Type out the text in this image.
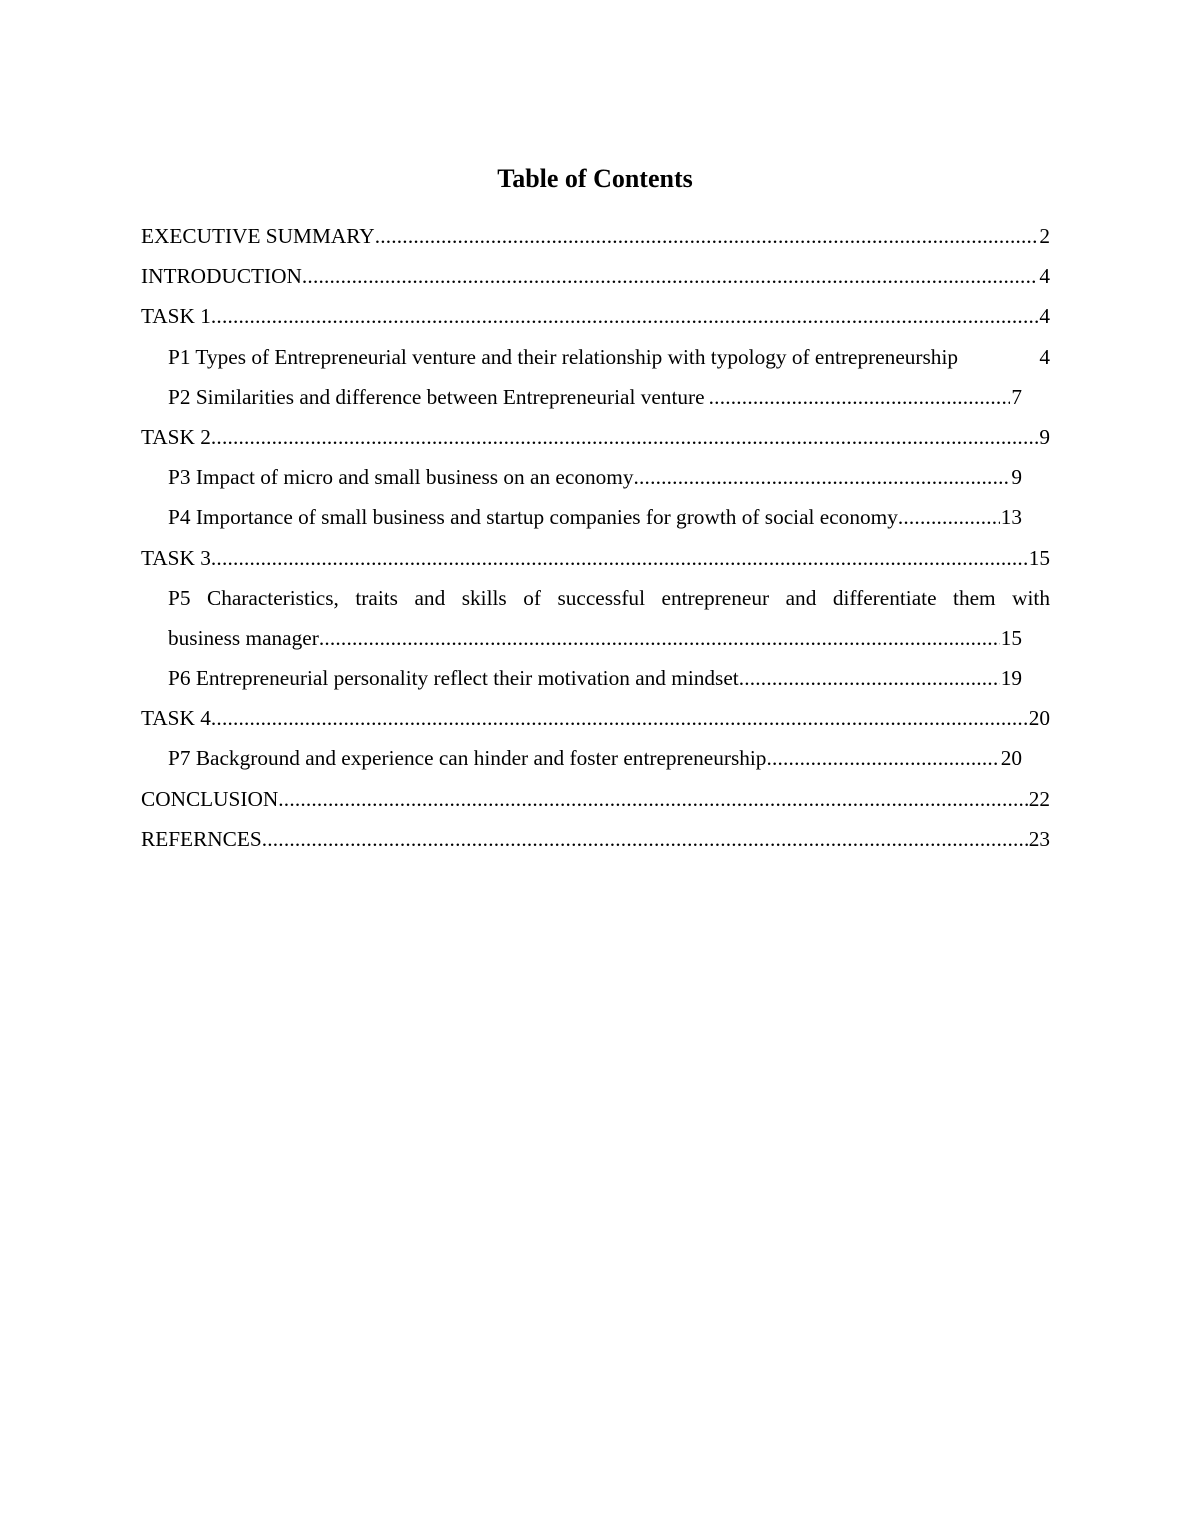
Table of Contents
EXECUTIVE SUMMARY .....	2
INTRODUCTION .....	4
TASK 1 .....	4
P1 Types of Entrepreneurial venture and their relationship with typology of entrepreneurship	4
P2 Similarities and difference between Entrepreneurial venture .....	7
TASK 2 .....	9
P3 Impact of micro and small business on an economy .....	9
P4 Importance of small business and startup companies for growth of social economy .....	13
TASK 3 .....	15
P5 Characteristics, traits and skills of successful entrepreneur and differentiate them with
business manager .....	15
P6 Entrepreneurial personality reflect their motivation and mindset .....	19
TASK 4 .....	20
P7 Background and experience can hinder and foster entrepreneurship .....	20
CONCLUSION .....	22
REFERNCES .....	23
